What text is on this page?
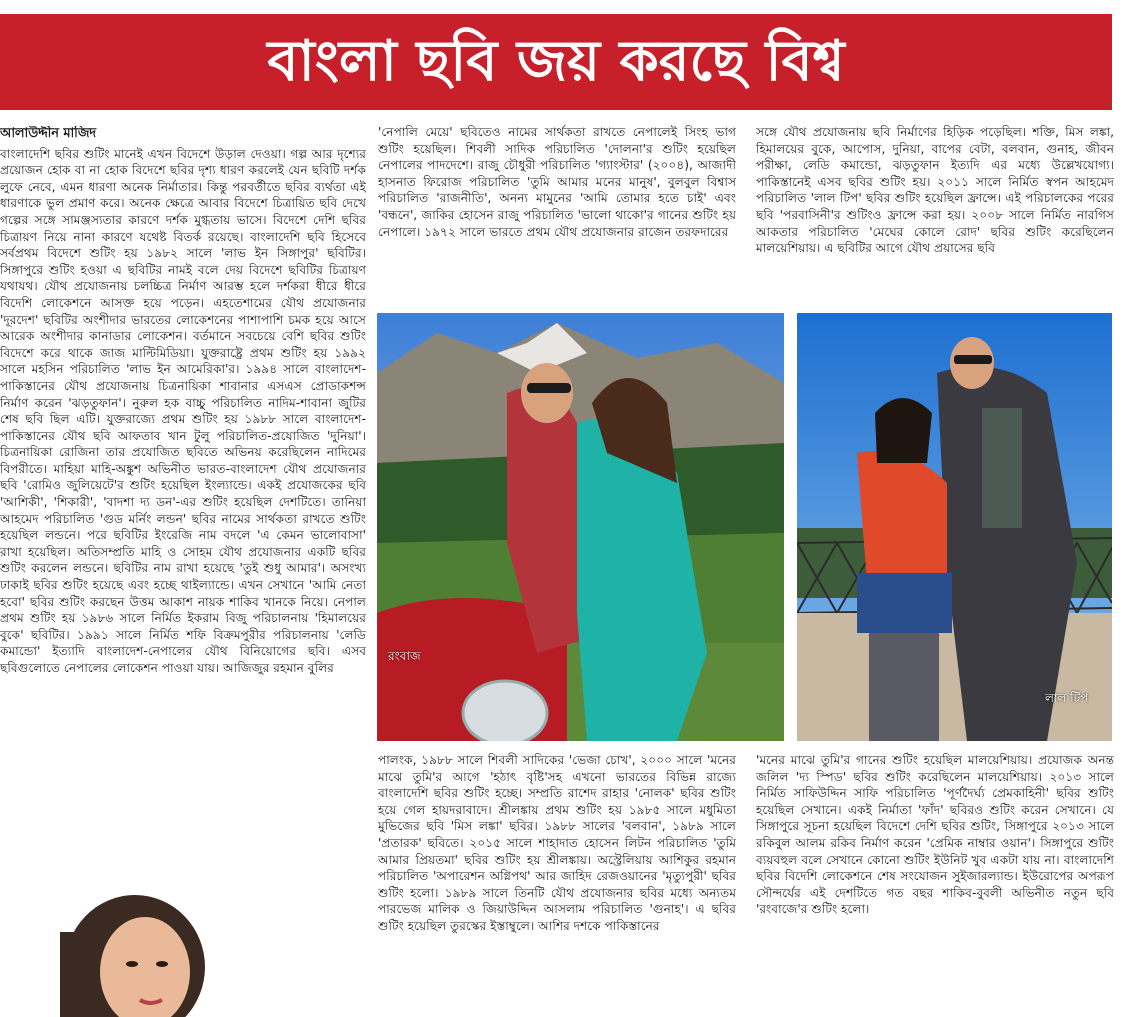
বাংলা ছবি জয় করছে বিশ্ব
আলাউদ্দীন মাজিদ

বাংলাদেশি ছবির শুটিং মানেই এখন বিদেশে উড়াল দেওয়া। গল্প আর দৃশ্যের প্রয়োজন হোক বা না হোক বিদেশে ছবির দৃশ্য ধারণ করলেই যেন ছবিটি দর্শক লুফে নেবে, এমন ধারণা অনেক নির্মাতার। কিন্তু পরবর্তীতে ছবির ব্যর্থতা এই ধারণাকে ভুল প্রমাণ করে। অনেক ক্ষেত্রে আবার বিদেশে চিত্রায়িত ছবি দেখে গল্পের সঙ্গে সামঞ্জস্যতার কারণে দর্শক মুগ্ধতায় ভাসে। বিদেশে দেশি ছবির চিত্রায়ণ নিয়ে নানা কারণে যথেষ্ট বিতর্ক রয়েছে। বাংলাদেশি ছবি হিসেবে সর্বপ্রথম বিদেশে শুটিং হয় ১৯৮২ সালে 'লাভ ইন সিঙ্গাপুর' ছবিটির। সিঙ্গাপুরে শুটিং হওয়া এ ছবিটির নামই বলে দেয় বিদেশে ছবিটির চিত্রায়ণ যথাযথ। যৌথ প্রযোজনায় চলচ্চিত্র নির্মাণ আরম্ভ হলে দর্শকরা ধীরে ধীরে বিদেশি লোকেশনে আসক্ত হয়ে পড়েন। এহতেশামের যৌথ প্রযোজনার 'দূরদেশ' ছবিটির অংশীদার ভারতের লোকেশনের পাশাপাশি চমক হয়ে আসে আরেক অংশীদার কানাডার লোকেশন। বর্তমানে সবচেয়ে বেশি ছবির শুটিং বিদেশে করে থাকে জাজ মাল্টিমিডিয়া। যুক্তরাষ্ট্রে প্রথম শুটিং হয় ১৯৯২ সালে মহসিন পরিচালিত 'লাভ ইন আমেরিকা'র। ১৯৯৪ সালে বাংলাদেশ-পাকিস্তানের যৌথ প্রযোজনায় চিত্রনায়িকা শাবানার এসএস প্রোডাকশন্স নির্মাণ করেন 'ঝড়তুফান'। নুরুল হক বাচ্চু পরিচালিত নাদিম-শাবানা জুটির শেষ ছবি ছিল এটি। যুক্তরাজ্যে প্রথম শুটিং হয় ১৯৮৮ সালে বাংলাদেশ-পাকিস্তানের যৌথ ছবি আফতাব খান টুলু পরিচালিত-প্রযোজিত 'দুনিয়া'। চিত্রনায়িকা রোজিনা তার প্রযোজিত ছবিতে অভিনয় করেছিলেন নাদিমের বিপরীতে। মাহিয়া মাহি-অঙ্কুশ অভিনীত ভারত-বাংলাদেশ যৌথ প্রযোজনার ছবি 'রোমিও জুলিয়েটে'র শুটিং হয়েছিল ইংল্যান্ডে। একই প্রযোজকের ছবি 'আশিকী', 'শিকারী', 'বাদশা দ্য ডন'-এর শুটিং হয়েছিল দেশটিতে। তানিয়া আহমেদ পরিচালিত 'গুড মর্নিং লন্ডন' ছবির নামের সার্থকতা রাখতে শুটিং হয়েছিল লন্ডনে। পরে ছবিটির ইংরেজি নাম বদলে 'এ কেমন ভালোবাসা' রাখা হয়েছিল। অতিসম্প্রতি মাহি ও সোহম যৌথ প্রযোজনার একটি ছবির শুটিং করলেন লন্ডনে। ছবিটির নাম রাখা হয়েছে 'তুই শুধু আমার'। অসংখ্য ঢাকাই ছবির শুটিং হয়েছে এবং হচ্ছে থাইল্যান্ডে। এখন সেখানে 'আমি নেতা হবো' ছবির শুটিং করছেন উত্তম আকাশ নায়ক শাকিব খানকে নিয়ে। নেপাল প্রথম শুটিং হয় ১৯৮৬ সালে নির্মিত ইকরাম বিজু পরিচালনায় 'হিমালয়ের বুকে' ছবিটির। ১৯৯১ সালে নির্মিত শফি বিক্রমপুরীর পরিচালনায় 'লেডি কমান্ডো' ইত্যাদি বাংলাদেশ-নেপালের যৌথ বিনিয়োগের ছবি। এসব ছবিগুলোতে নেপালের লোকেশন পাওয়া যায়। আজিজুর রহমান বুলির

'নেপালি মেয়ে' ছবিতেও নামের সার্থকতা রাখতে নেপালেই সিংহ ভাগ শুটিং হয়েছিল। শিবলী সাদিক পরিচালিত 'দোলনা'র শুটিং হয়েছিল নেপালের পাদদেশে। রাজু চৌধুরী পরিচালিত 'গ্যাংস্টার' (২০০৪), আজাদী হাসনাত ফিরোজ পরিচালিত 'তুমি আমার মনের মানুষ', বুলবুল বিশ্বাস পরিচালিত 'রাজনীতি', অনন্য মামুনের 'আমি তোমার হতে চাই' এবং 'বন্ধনে', জাকির হোসেন রাজু পরিচালিত 'ভালো থাকো'র গানের শুটিং হয় নেপালে। ১৯৭২ সালে ভারতে প্রথম যৌথ প্রযোজনার রাজেন তরফদারের

সঙ্গে যৌথ প্রযোজনায় ছবি নির্মাণের হিড়িক পড়েছিল। শক্তি, মিস লঙ্কা, হিমালয়ের বুকে, আপোস, দুনিয়া, বাপের বেটা, বলবান, গুনাহ, জীবন পরীক্ষা, লেডি কমান্ডো, ঝড়তুফান ইত্যদি এর মধ্যে উল্লেখযোগ্য। পাকিস্তানেই এসব ছবির শুটিং হয়। ২০১১ সালে নির্মিত স্বপন আহমেদ পরিচালিত 'লাল টিপ' ছবির শুটিং হয়েছিল ফ্রান্সে। এই পরিচালকের পরের ছবি 'পরবাসিনী'র শুটিংও ফ্রান্সে করা হয়। ২০০৮ সালে নির্মিত নারগিস আকতার পরিচালিত 'মেঘের কোলে রোদ' ছবির শুটিং করেছিলেন মালয়েশিয়ায়। এ ছবিটির আগে যৌথ প্রয়াসের ছবি

রংবাজ
লাল টিপ

পালংক, ১৯৮৮ সালে শিবলী সাদিকের 'ভেজা চোখ', ২০০০ সালে 'মনের মাঝে তুমি'র আগে 'হঠাৎ বৃষ্টি'সহ এখনো ভারতের বিভিন্ন রাজ্যে বাংলাদেশি ছবির শুটিং হচ্ছে। সম্প্রতি রাশেদ রাহার 'নোলক' ছবির শুটিং হয়ে গেল হায়দরাবাদে। শ্রীলঙ্কায় প্রথম শুটিং হয় ১৯৮৫ সালে মধুমিতা মুভিজের ছবি 'মিস লঙ্কা' ছবির। ১৯৮৮ সালের 'বলবান', ১৯৮৯ সালে 'প্রতারক' ছবিতে। ২০১৫ সালে শাহাদাত হোসেন লিটন পরিচালিত 'তুমি আমার প্রিয়তমা' ছবির শুটিং হয় শ্রীলঙ্কায়। অস্ট্রেলিয়ায় আশিকুর রহমান পরিচালিত 'অপারেশন অগ্নিপথ' আর জাহিদ রেজওয়ানের 'মৃত্যুপুরী' ছবির শুটিং হলো। ১৯৮৯ সালে তিনটি যৌথ প্রযোজনার ছবির মধ্যে অন্যতম পারভেজ মালিক ও জিয়াউদ্দিন আসলাম পরিচালিত 'গুনাহ'। এ ছবির শুটিং হয়েছিল তুরস্কের ইস্তাম্বুলে। আশির দশকে পাকিস্তানের

'মনের মাঝে তুমি'র গানের শুটিং হয়েছিল মালয়েশিয়ায়। প্রযোজক অনন্ত জলিল 'দ্য স্পিড' ছবির শুটিং করেছিলেন মালয়েশিয়ায়। ২০১৩ সালে নির্মিত সাফিউদ্দিন সাফি পরিচালিত 'পূর্ণদৈর্ঘ্য প্রেমকাহিনী' ছবির শুটিং হয়েছিল সেখানে। একই নির্মাতা 'ফাঁদ' ছবিরও শুটিং করেন সেখানে। যে সিঙ্গাপুরে সূচনা হয়েছিল বিদেশে দেশি ছবির শুটিং, সিঙ্গাপুরে ২০১৩ সালে রকিবুল আলম রকিব নির্মাণ করেন 'প্রেমিক নাম্বার ওয়ান'। সিঙ্গাপুরে শুটিং ব্যয়বহুল বলে সেখানে কোনো শুটিং ইউনিট খুব একটা যায় না। বাংলাদেশি ছবির বিদেশি লোকেশনে শেষ সংযোজন সুইজারল্যান্ড। ইউরোপের অপরূপ সৌন্দর্যের এই দেশটিতে গত বছর শাকিব-বুবলী অভিনীত নতুন ছবি 'রংবাজে'র শুটিং হলো।
